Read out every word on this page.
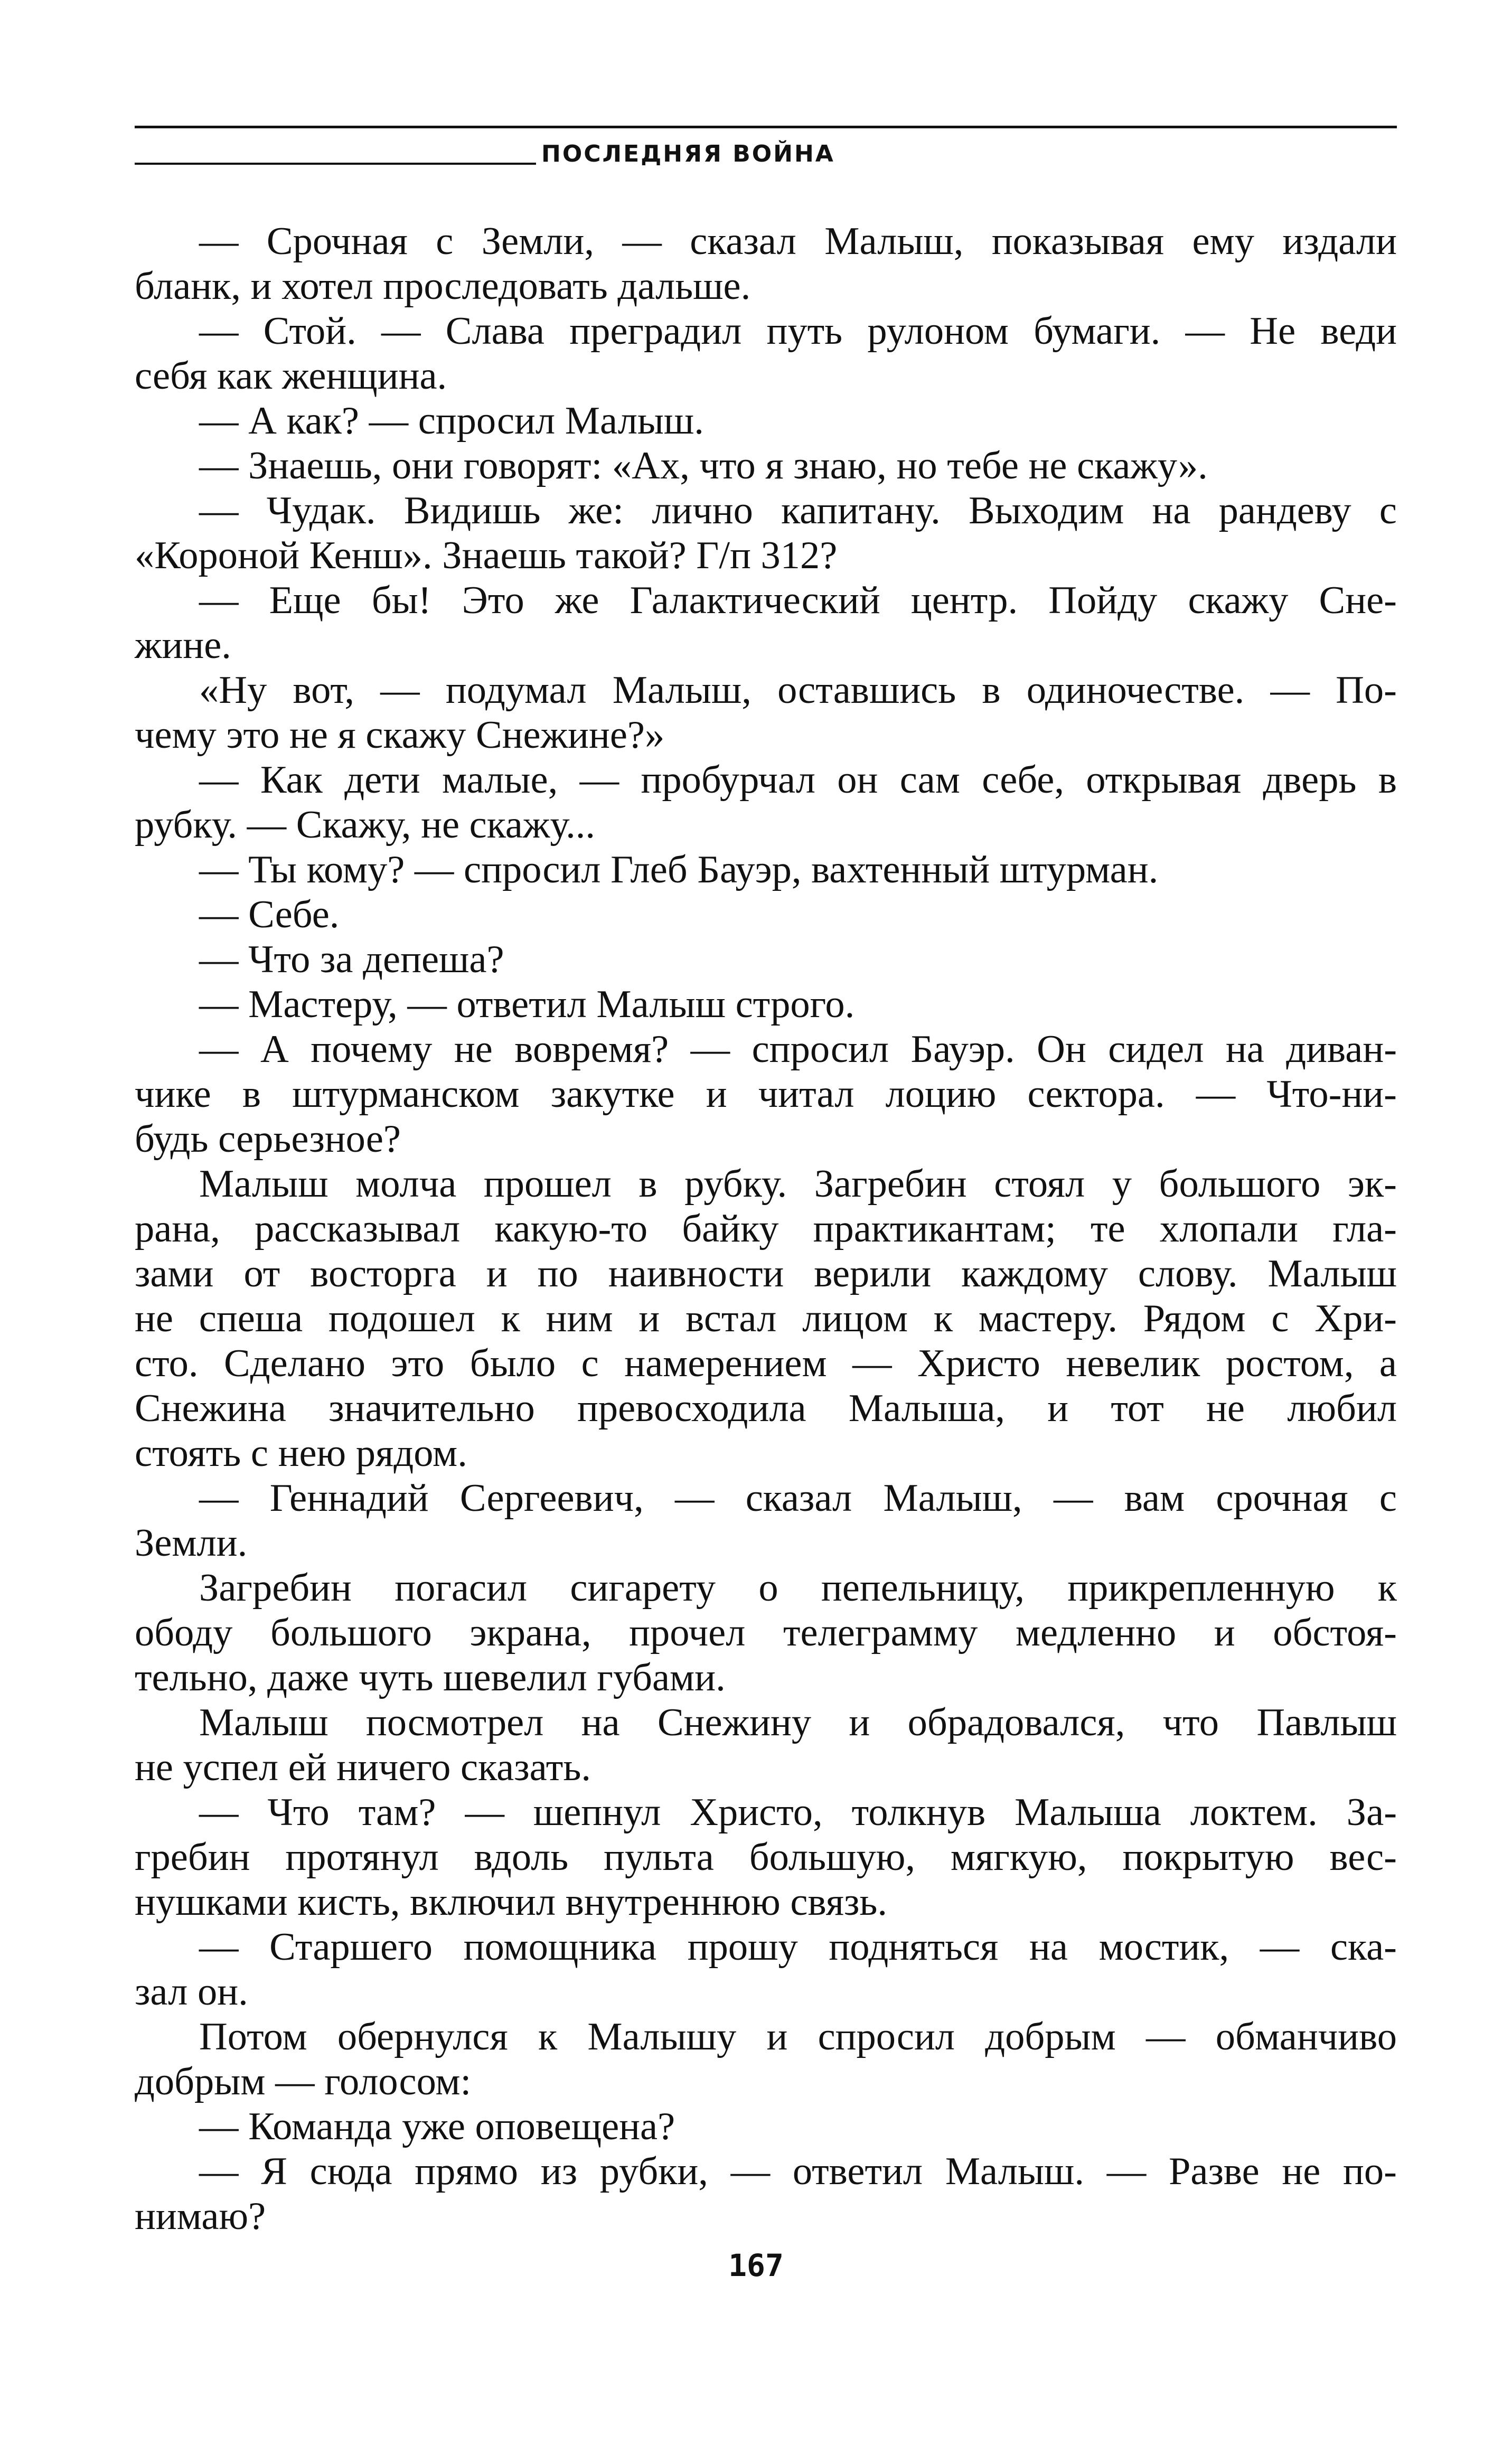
ПОСЛЕДНЯЯ ВОЙНА

— Срочная с Земли, — сказал Малыш, показывая ему издали

бланк, и хотел проследовать дальше.

— Стой. — Слава преградил путь рулоном бумаги. — Не веди

себя как женщина.

— А как? — спросил Малыш.

— Знаешь, они говорят: «Ах, что я знаю, но тебе не скажу».

— Чудак. Видишь же: лично капитану. Выходим на рандеву с

«Короной Кенш». Знаешь такой? Г/п 312?

— Еще бы! Это же Галактический центр. Пойду скажу Сне-

жине.

«Ну вот, — подумал Малыш, оставшись в одиночестве. — По-

чему это не я скажу Снежине?»

— Как дети малые, — пробурчал он сам себе, открывая дверь в

рубку. — Скажу, не скажу...

— Ты кому? — спросил Глеб Бауэр, вахтенный штурман.

— Себе.

— Что за депеша?

— Мастеру, — ответил Малыш строго.

— А почему не вовремя? — спросил Бауэр. Он сидел на диван-

чике в штурманском закутке и читал лоцию сектора. — Что-ни-

будь серьезное?

Малыш молча прошел в рубку. Загребин стоял у большого эк-

рана, рассказывал какую-то байку практикантам; те хлопали гла-

зами от восторга и по наивности верили каждому слову. Малыш

не спеша подошел к ним и встал лицом к мастеру. Рядом с Хри-

сто. Сделано это было с намерением — Христо невелик ростом, а

Снежина значительно превосходила Малыша, и тот не любил

стоять с нею рядом.

— Геннадий Сергеевич, — сказал Малыш, — вам срочная с

Земли.

Загребин погасил сигарету о пепельницу, прикрепленную к

ободу большого экрана, прочел телеграмму медленно и обстоя-

тельно, даже чуть шевелил губами.

Малыш посмотрел на Снежину и обрадовался, что Павлыш

не успел ей ничего сказать.

— Что там? — шепнул Христо, толкнув Малыша локтем. За-

гребин протянул вдоль пульта большую, мягкую, покрытую вес-

нушками кисть, включил внутреннюю связь.

— Старшего помощника прошу подняться на мостик, — ска-

зал он.

Потом обернулся к Малышу и спросил добрым — обманчиво

добрым — голосом:

— Команда уже оповещена?

— Я сюда прямо из рубки, — ответил Малыш. — Разве не по-

нимаю?

167
